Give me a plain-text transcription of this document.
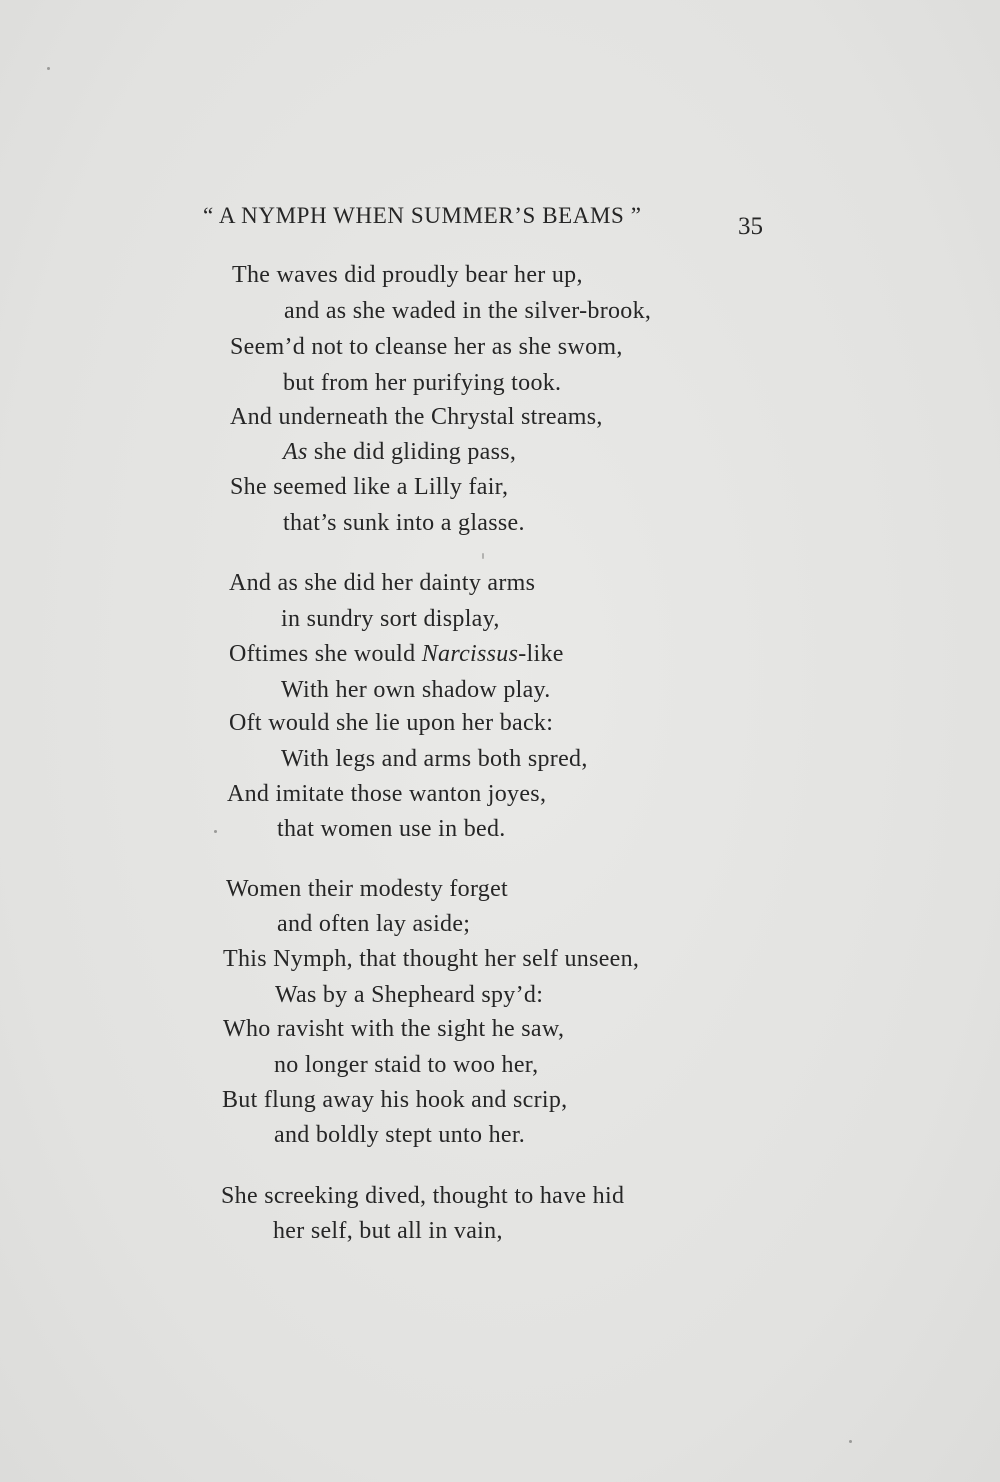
“ A NYMPH WHEN SUMMER’S BEAMS ”	35
The waves did proudly bear her up,
and as she waded in the silver-brook,
Seem’d not to cleanse her as she swom,
but from her purifying took.
And underneath the Chrystal streams,
As she did gliding pass,
She seemed like a Lilly fair,
that’s sunk into a glasse.
And as she did her dainty arms
in sundry sort display,
Oftimes she would Narcissus-like
With her own shadow play.
Oft would she lie upon her back:
With legs and arms both spred,
And imitate those wanton joyes,
that women use in bed.
Women their modesty forget
and often lay aside;
This Nymph, that thought her self unseen,
Was by a Shepheard spy’d:
Who ravisht with the sight he saw,
no longer staid to woo her,
But flung away his hook and scrip,
and boldly stept unto her.
She screeking dived, thought to have hid
her self, but all in vain,
